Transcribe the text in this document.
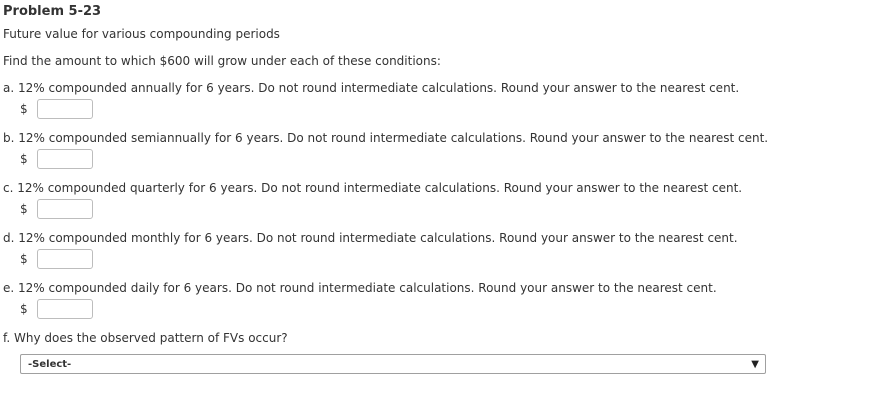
Problem 5-23
Future value for various compounding periods
Find the amount to which $600 will grow under each of these conditions:
a. 12% compounded annually for 6 years. Do not round intermediate calculations. Round your answer to the nearest cent.
$
b. 12% compounded semiannually for 6 years. Do not round intermediate calculations. Round your answer to the nearest cent.
$
c. 12% compounded quarterly for 6 years. Do not round intermediate calculations. Round your answer to the nearest cent.
$
d. 12% compounded monthly for 6 years. Do not round intermediate calculations. Round your answer to the nearest cent.
$
e. 12% compounded daily for 6 years. Do not round intermediate calculations. Round your answer to the nearest cent.
$
f. Why does the observed pattern of FVs occur?
-Select-	▼
